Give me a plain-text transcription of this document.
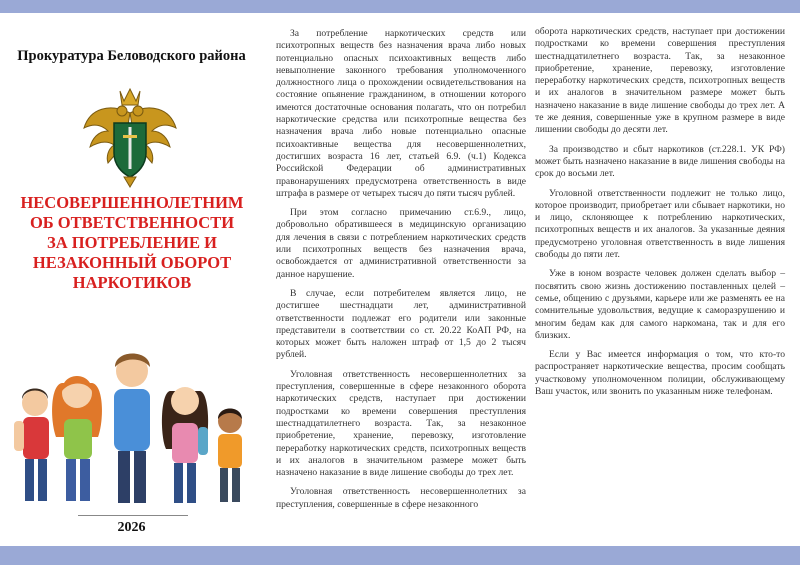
Прокуратура Беловодского района
НЕСОВЕРШЕННОЛЕТНИМ
ОБ ОТВЕТСТВЕННОСТИ
ЗА ПОТРЕБЛЕНИЕ И
НЕЗАКОННЫЙ ОБОРОТ
НАРКОТИКОВ
2026

За потребление наркотических средств или психотропных веществ без назначения врача либо новых потенциально опасных психоактивных веществ либо невыполнение законного требования уполномоченного должностного лица о прохождении освидетельствования на состояние опьянение гражданином, в отношении которого имеются достаточные основания полагать, что он потребил наркотические средства или психотропные вещества без назначения врача либо новые потенциально опасные психоактивные вещества для несовершеннолетних, достигших возраста 16 лет, статьей 6.9. (ч.1) Кодекса Российской Федерации об административных правонарушениях предусмотрена ответственность в виде штрафа в размере от четырех тысяч до пяти тысяч рублей.

При этом согласно примечанию ст.6.9., лицо, добровольно обратившееся в медицинскую организацию для лечения в связи с потреблением наркотических средств или психотропных веществ без назначения врача, освобождается от административной ответственности за данное нарушение.

В случае, если потребителем является лицо, не достигшее шестнадцати лет, административной ответственности подлежат его родители или законные представители в соответствии со ст. 20.22 КоАП РФ, на которых может быть наложен штраф от 1,5 до 2 тысяч рублей.

Уголовная ответственность несовершеннолетних за преступления, совершенные в сфере незаконного оборота наркотических средств, наступает при достижении подростками ко времени совершения преступления шестнадцатилетнего возраста. Так, за незаконное приобретение, хранение, перевозку, изготовление переработку наркотических средств, психотропных веществ и их аналогов в значительном размере может быть назначено наказание в виде лишение свободы до трех лет.

Уголовная ответственность несовершеннолетних за преступления, совершенные в сфере незаконного

оборота наркотических средств, наступает при достижении подростками ко времени совершения преступления шестнадцатилетнего возраста. Так, за незаконное приобретение, хранение, перевозку, изготовление переработку наркотических средств, психотропных веществ и их аналогов в значительном размере может быть назначено наказание в виде лишение свободы до трех лет. А те же деяния, совершенные уже в крупном размере в виде лишении свободы до десяти лет.

За производство и сбыт наркотиков (ст.228.1. УК РФ) может быть назначено наказание в виде лишения свободы на срок до восьми лет.

Уголовной ответственности подлежит не только лицо, которое производит, приобретает или сбывает наркотики, но и лицо, склоняющее к потреблению наркотических, психотропных веществ и их аналогов. За указанные деяния предусмотрено уголовная ответственность в виде лишения свободы до пяти лет.

Уже в юном возрасте человек должен сделать выбор – посвятить свою жизнь достижению поставленных целей – семье, общению с друзьями, карьере или же разменять ее на сомнительные удовольствия, ведущие к саморазрушению и многим бедам как для самого наркомана, так и для его близких.

Если у Вас имеется информация о том, что кто-то распространяет наркотические вещества, просим сообщать участковому уполномоченном полиции, обслуживающему Ваш участок, или звонить по указанным ниже телефонам.
